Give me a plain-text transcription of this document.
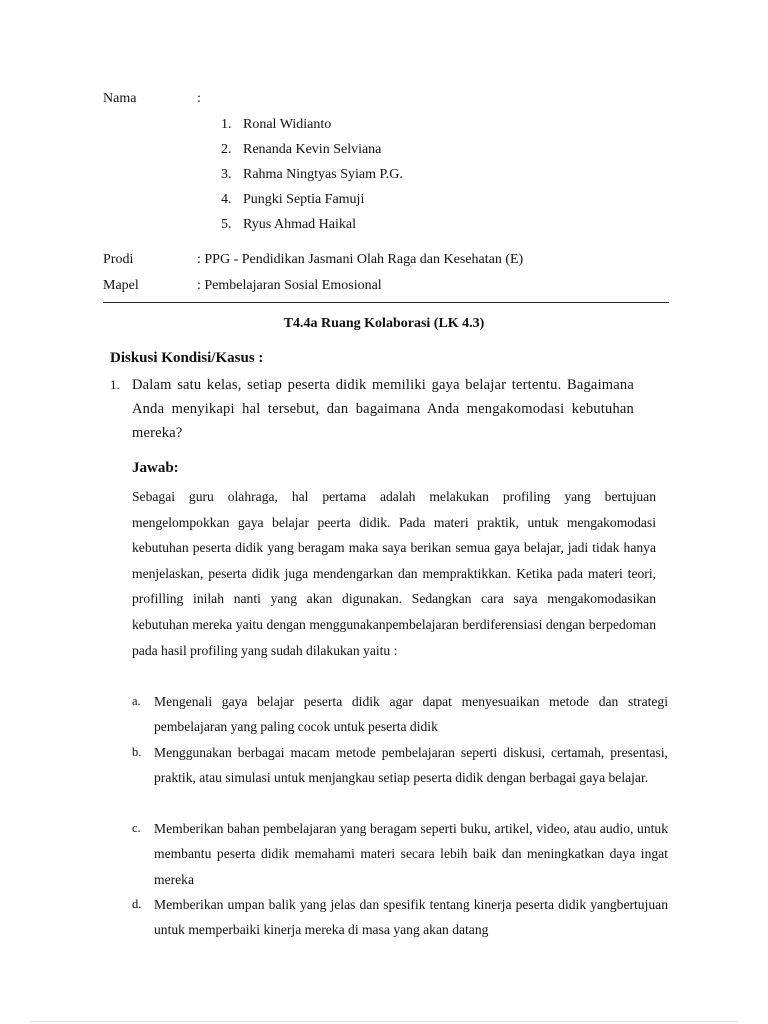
Nama	:
1. Ronal Widianto
2. Renanda Kevin Selviana
3. Rahma Ningtyas Syiam P.G.
4. Pungki Septia Famuji
5. Ryus Ahmad Haikal
Prodi	: PPG - Pendidikan Jasmani Olah Raga dan Kesehatan (E)
Mapel	: Pembelajaran Sosial Emosional
T4.4a Ruang Kolaborasi (LK 4.3)
Diskusi Kondisi/Kasus :
1. Dalam satu kelas, setiap peserta didik memiliki gaya belajar tertentu. Bagaimana Anda menyikapi hal tersebut, dan bagaimana Anda mengakomodasi kebutuhan mereka?
Jawab:
Sebagai guru olahraga, hal pertama adalah melakukan profiling yang bertujuan mengelompokkan gaya belajar peerta didik. Pada materi praktik, untuk mengakomodasi kebutuhan peserta didik yang beragam maka saya berikan semua gaya belajar, jadi tidak hanya menjelaskan, peserta didik juga mendengarkan dan mempraktikkan. Ketika pada materi teori, profilling inilah nanti yang akan digunakan. Sedangkan cara saya mengakomodasikan kebutuhan mereka yaitu dengan menggunakanpembelajaran berdiferensiasi dengan berpedoman pada hasil profiling yang sudah dilakukan yaitu :
a. Mengenali gaya belajar peserta didik agar dapat menyesuaikan metode dan strategi pembelajaran yang paling cocok untuk peserta didik
b. Menggunakan berbagai macam metode pembelajaran seperti diskusi, certamah, presentasi, praktik, atau simulasi untuk menjangkau setiap peserta didik dengan berbagai gaya belajar.
c. Memberikan bahan pembelajaran yang beragam seperti buku, artikel, video, atau audio, untuk membantu peserta didik memahami materi secara lebih baik dan meningkatkan daya ingat mereka
d. Memberikan umpan balik yang jelas dan spesifik tentang kinerja peserta didik yangbertujuan untuk memperbaiki kinerja mereka di masa yang akan datang
